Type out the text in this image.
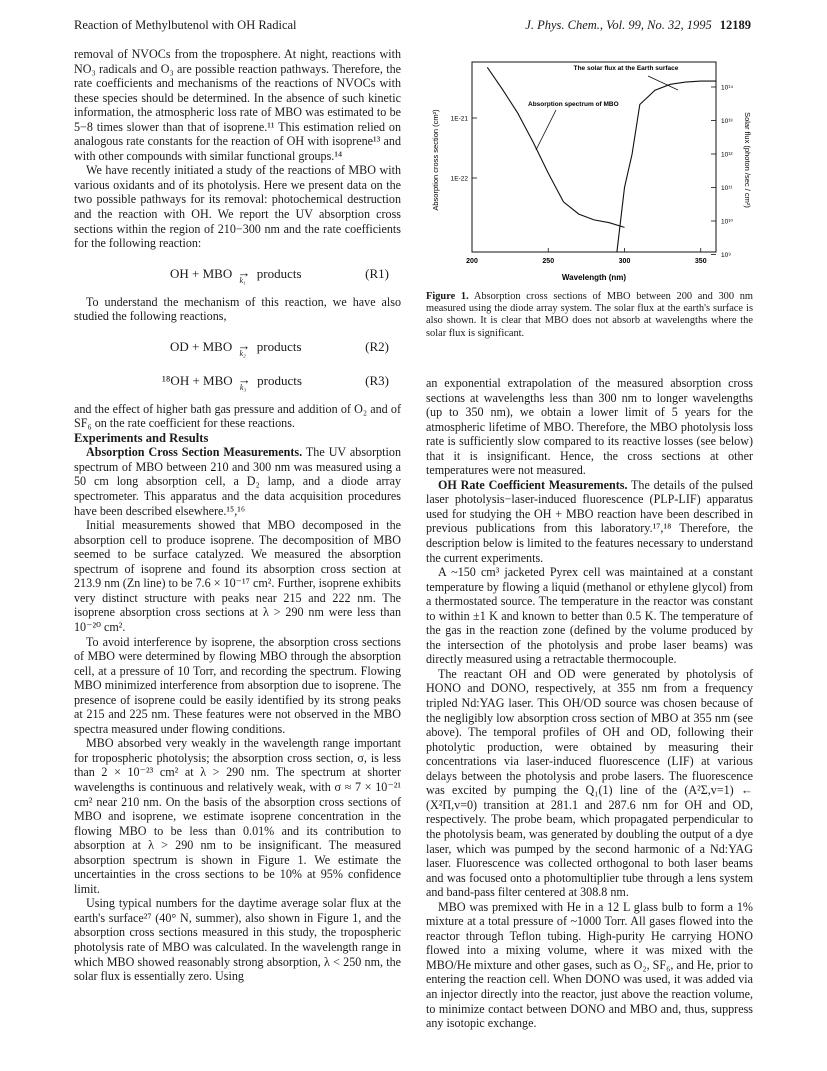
Reaction of Methylbutenol with OH Radical	J. Phys. Chem., Vol. 99, No. 32, 1995 12189

removal of NVOCs from the troposphere. At night, reactions with NO₃ radicals and O₃ are possible reaction pathways. Therefore, the rate coefficients and mechanisms of the reactions of NVOCs with these species should be determined. In the absence of such kinetic information, the atmospheric loss rate of MBO was estimated to be 5−8 times slower than that of isoprene.¹¹ This estimation relied on analogous rate constants for the reaction of OH with isoprene¹³ and with other compounds with similar functional groups.¹⁴

We have recently initiated a study of the reactions of MBO with various oxidants and of its photolysis. Here we present data on the two possible pathways for its removal: photochemical destruction and the reaction with OH. We report the UV absorption cross sections within the region of 210−300 nm and the rate coefficients for the following reaction:

OH + MBO k₁ products	(R1)

To understand the mechanism of this reaction, we have also studied the following reactions,

OD + MBO k₂ products	(R2)
¹⁸OH + MBO k₃ products	(R3)

and the effect of higher bath gas pressure and addition of O₂ and of SF₆ on the rate coefficient for these reactions.

Experiments and Results

Absorption Cross Section Measurements. The UV absorption spectrum of MBO between 210 and 300 nm was measured using a 50 cm long absorption cell, a D₂ lamp, and a diode array spectrometer. This apparatus and the data acquisition procedures have been described elsewhere.¹⁵,¹⁶

Initial measurements showed that MBO decomposed in the absorption cell to produce isoprene. The decomposition of MBO seemed to be surface catalyzed. We measured the absorption spectrum of isoprene and found its absorption cross section at 213.9 nm (Zn line) to be 7.6 × 10⁻¹⁷ cm². Further, isoprene exhibits very distinct structure with peaks near 215 and 222 nm. The isoprene absorption cross sections at λ > 290 nm were less than 10⁻²⁰ cm².

To avoid interference by isoprene, the absorption cross sections of MBO were determined by flowing MBO through the absorption cell, at a pressure of 10 Torr, and recording the spectrum. Flowing MBO minimized interference from absorption due to isoprene. The presence of isoprene could be easily identified by its strong peaks at 215 and 225 nm. These features were not observed in the MBO spectra measured under flowing conditions.

MBO absorbed very weakly in the wavelength range important for tropospheric photolysis; the absorption cross section, σ, is less than 2 × 10⁻²³ cm² at λ > 290 nm. The spectrum at shorter wavelengths is continuous and relatively weak, with σ ≈ 7 × 10⁻²¹ cm² near 210 nm. On the basis of the absorption cross sections of MBO and isoprene, we estimate isoprene concentration in the flowing MBO to be less than 0.01% and its contribution to absorption at λ > 290 nm to be insignificant. The measured absorption spectrum is shown in Figure 1. We estimate the uncertainties in the cross sections to be 10% at 95% confidence limit.

Using typical numbers for the daytime average solar flux at the earth's surface²⁷ (40° N, summer), also shown in Figure 1, and the absorption cross sections measured in this study, the tropospheric photolysis rate of MBO was calculated. In the wavelength range in which MBO showed reasonably strong absorption, λ < 250 nm, the solar flux is essentially zero. Using

200	250	300	350
1E-21
1E-22
10¹⁴
10¹³
10¹²
10¹¹
10¹⁰
10⁹
The solar flux at the Earth surface
Absorption spectrum of MBO
Absorption cross section (cm²)	Solar flux (photon /sec / cm²)
Wavelength (nm)
Figure 1. Absorption cross sections of MBO between 200 and 300 nm measured using the diode array system. The solar flux at the earth's surface is also shown. It is clear that MBO does not absorb at wavelengths where the solar flux is significant.

an exponential extrapolation of the measured absorption cross sections at wavelengths less than 300 nm to longer wavelengths (up to 350 nm), we obtain a lower limit of 5 years for the atmospheric lifetime of MBO. Therefore, the MBO photolysis loss rate is sufficiently slow compared to its reactive losses (see below) that it is insignificant. Hence, the cross sections at other temperatures were not measured.

OH Rate Coefficient Measurements. The details of the pulsed laser photolysis−laser-induced fluorescence (PLP-LIF) apparatus used for studying the OH + MBO reaction have been described in previous publications from this laboratory.¹⁷,¹⁸ Therefore, the description below is limited to the features necessary to understand the current experiments.

A ~150 cm³ jacketed Pyrex cell was maintained at a constant temperature by flowing a liquid (methanol or ethylene glycol) from a thermostated source. The temperature in the reactor was constant to within ±1 K and known to better than 0.5 K. The temperature of the gas in the reaction zone (defined by the volume produced by the intersection of the photolysis and probe laser beams) was directly measured using a retractable thermocouple.

The reactant OH and OD were generated by photolysis of HONO and DONO, respectively, at 355 nm from a frequency tripled Nd:YAG laser. This OH/OD source was chosen because of the negligibly low absorption cross section of MBO at 355 nm (see above). The temporal profiles of OH and OD, following their photolytic production, were obtained by measuring their concentrations via laser-induced fluorescence (LIF) at various delays between the photolysis and probe lasers. The fluorescence was excited by pumping the Q₁(1) line of the (A²Σ,v=1) ← (X²Π,v=0) transition at 281.1 and 287.6 nm for OH and OD, respectively. The probe beam, which propagated perpendicular to the photolysis beam, was generated by doubling the output of a dye laser, which was pumped by the second harmonic of a Nd:YAG laser. Fluorescence was collected orthogonal to both laser beams and was focused onto a photomultiplier tube through a lens system and band-pass filter centered at 308.8 nm.

MBO was premixed with He in a 12 L glass bulb to form a 1% mixture at a total pressure of ~1000 Torr. All gases flowed into the reactor through Teflon tubing. High-purity He carrying HONO flowed into a mixing volume, where it was mixed with the MBO/He mixture and other gases, such as O₂, SF₆, and He, prior to entering the reaction cell. When DONO was used, it was added via an injector directly into the reactor, just above the reaction volume, to minimize contact between DONO and MBO and, thus, suppress any isotopic exchange.
